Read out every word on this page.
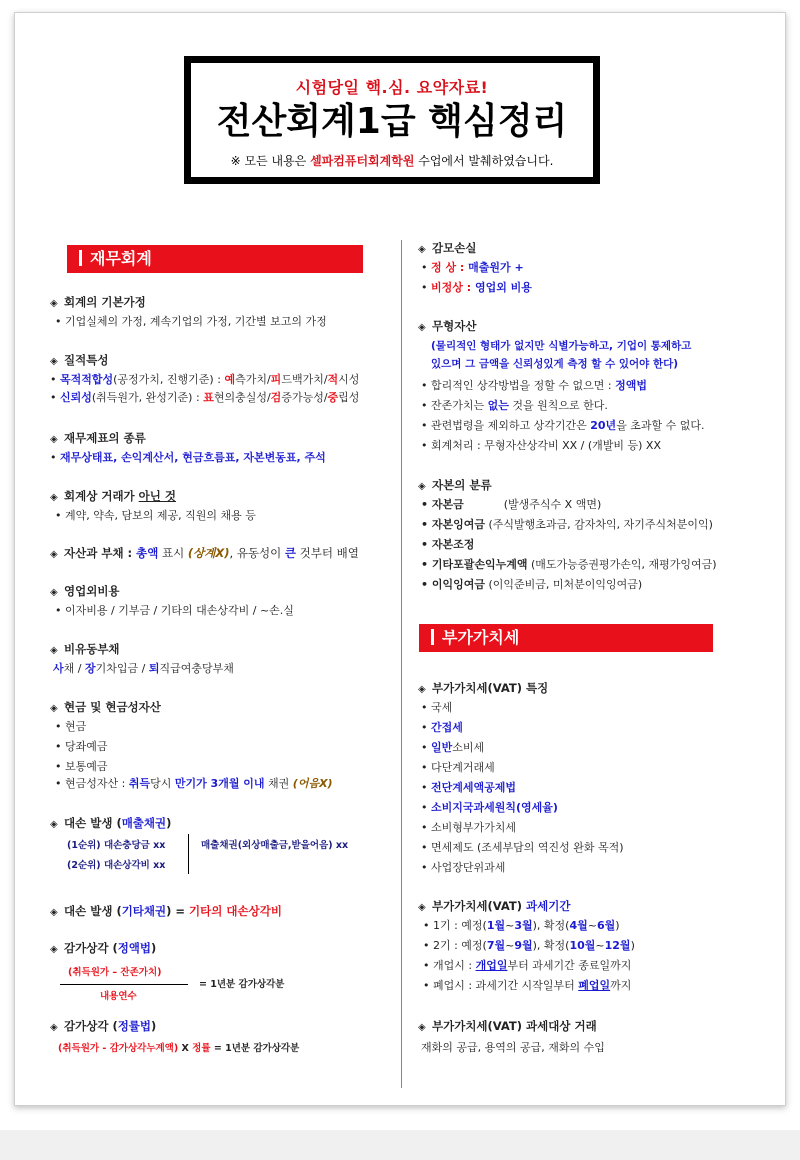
시험당일 핵.심. 요약자료!
전산회계1급 핵심정리
※ 모든 내용은 셀파컴퓨터회계학원 수업에서 발췌하였습니다.
재무회계
◈ 회계의 기본가정
• 기업실체의 가정, 계속기업의 가정, 기간별 보고의 가정
◈ 질적특성
• 목적적합성(공정가치, 진행기준) : 예측가치/피드백가치/적시성
• 신뢰성(취득원가, 완성기준) : 표현의충실성/검증가능성/중립성
◈ 재무제표의 종류
• 재무상태표, 손익계산서, 현금흐름표, 자본변동표, 주석
◈ 회계상 거래가 아닌 것
• 계약, 약속, 담보의 제공, 직원의 채용 등
◈ 자산과 부채 : 총액 표시 (상계X), 유동성이 큰 것부터 배열
◈ 영업외비용
• 이자비용 / 기부금 / 기타의 대손상각비 / ~손.실
◈ 비유동부채
사채 / 장기차입금 / 퇴직급여충당부채
◈ 현금 및 현금성자산
• 현금
• 당좌예금
• 보통예금
• 현금성자산 : 취득당시 만기가 3개월 이내 채권 (어음X)
◈ 대손 발생 (매출채권)
(1순위) 대손충당금 xx
(2순위) 대손상각비 xx
매출채권(외상매출금,받을어음) xx
◈ 대손 발생 (기타채권) = 기타의 대손상각비
◈ 감가상각 (정액법)
(취득원가 – 잔존가치)
내용연수
= 1년분 감가상각분
◈ 감가상각 (정률법)
(취득원가 - 감가상각누계액) X 정률 = 1년분 감가상각분
◈ 감모손실
• 정 상 : 매출원가 +
• 비정상 : 영업외 비용
◈ 무형자산
(물리적인 형태가 없지만 식별가능하고, 기업이 통제하고
있으며 그 금액을 신뢰성있게 측정 할 수 있어야 한다)
• 합리적인 상각방법을 정할 수 없으면 : 정액법
• 잔존가치는 없는 것을 원칙으로 한다.
• 관련법령을 제외하고 상각기간은 20년을 초과할 수 없다.
• 회계처리 : 무형자산상각비 XX / (개발비 등) XX
◈ 자본의 분류
• 자본금	(발생주식수 X 액면)
• 자본잉여금 (주식발행초과금, 감자차익, 자기주식처분이익)
• 자본조정
• 기타포괄손익누계액 (매도가능증권평가손익, 재평가잉여금)
• 이익잉여금 (이익준비금, 미처분이익잉여금)
부가가치세
◈ 부가가치세(VAT) 특징
• 국세
• 간접세
• 일반소비세
• 다단계거래세
• 전단계세액공제법
• 소비지국과세원칙(영세율)
• 소비형부가가치세
• 면세제도 (조세부담의 역진성 완화 목적)
• 사업장단위과세
◈ 부가가치세(VAT) 과세기간
• 1기 : 예정(1월~3월), 확정(4월~6월)
• 2기 : 예정(7월~9월), 확정(10월~12월)
• 개업시 : 개업일부터 과세기간 종료일까지
• 폐업시 : 과세기간 시작일부터 폐업일까지
◈ 부가가치세(VAT) 과세대상 거래
재화의 공급, 용역의 공급, 재화의 수입
